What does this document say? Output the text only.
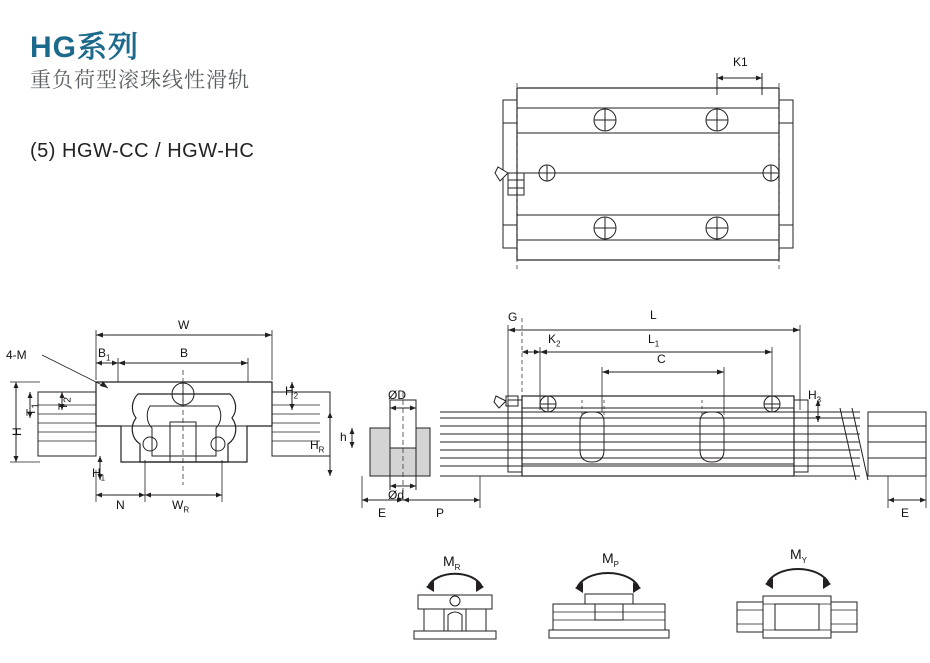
HG系列
重负荷型滚珠线性滑轨
(5) HGW-CC / HGW-HC
K1
W
B
$B_1$
4-M
$T_1$ $T_2$
H
$H_1$
$H_2$
N	$W_R$
G	L
$L_1$
$K_2$
C
$H_3$
ØD
Ød
h
$H_R$
E	P	E
$M_R$
$M_P$
$M_Y$
